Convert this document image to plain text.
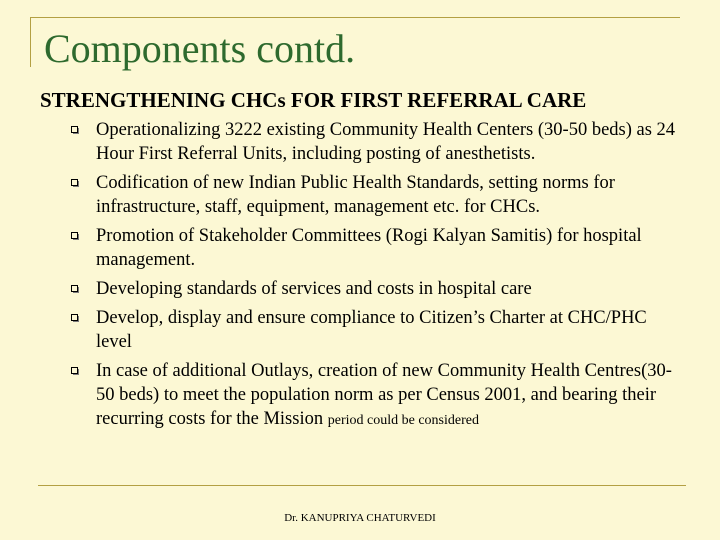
Components contd.
STRENGTHENING CHCs FOR FIRST REFERRAL CARE
Operationalizing 3222 existing Community Health Centers (30-50 beds) as 24 Hour First Referral Units, including posting of anesthetists.
Codification of new Indian Public Health Standards, setting norms for infrastructure, staff, equipment, management etc. for CHCs.
Promotion of Stakeholder Committees (Rogi Kalyan Samitis) for hospital management.
Developing standards of services and costs in hospital care
Develop, display and ensure compliance to Citizen’s Charter at CHC/PHC level
In case of additional Outlays, creation of new Community Health Centres(30-50 beds) to meet the population norm as per Census 2001, and bearing their recurring costs for the Mission period could be considered
Dr. KANUPRIYA CHATURVEDI
